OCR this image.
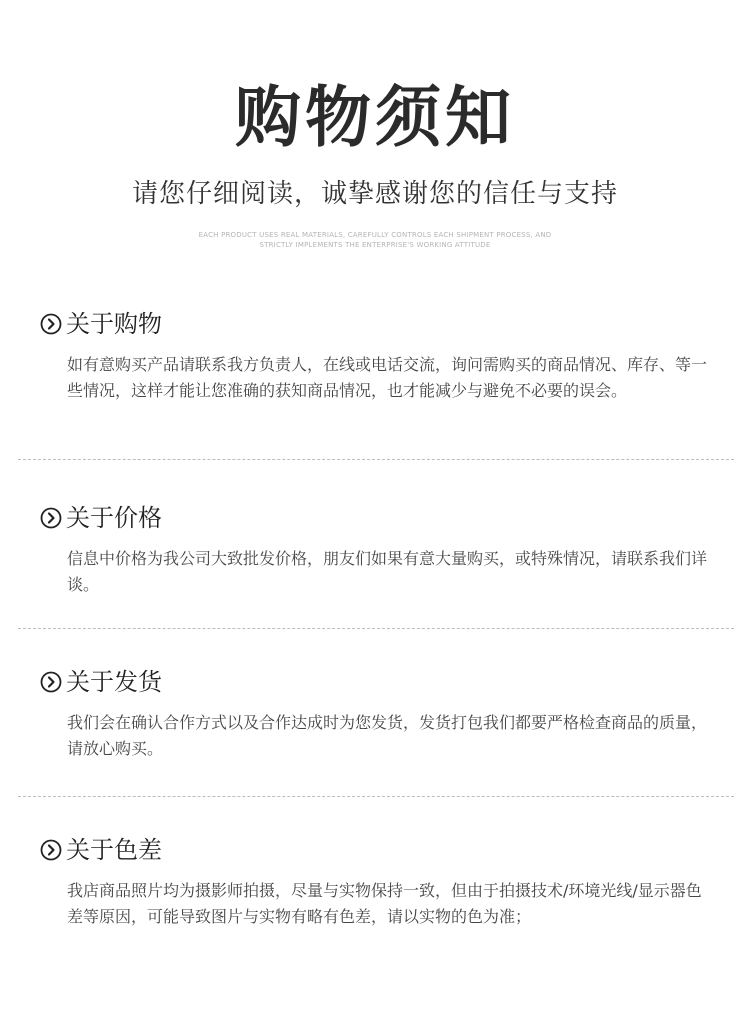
购物须知
请您仔细阅读，诚挚感谢您的信任与支持
EACH PRODUCT USES REAL MATERIALS, CAREFULLY CONTROLS EACH SHIPMENT PROCESS, AND
STRICTLY IMPLEMENTS THE ENTERPRISE'S WORKING ATTITUDE
关于购物
如有意购买产品请联系我方负责人，在线或电话交流，询问需购买的商品情况、库存、等一些情况，这样才能让您准确的获知商品情况，也才能减少与避免不必要的误会。
关于价格
信息中价格为我公司大致批发价格，朋友们如果有意大量购买，或特殊情况，请联系我们详谈。
关于发货
我们会在确认合作方式以及合作达成时为您发货，发货打包我们都要严格检查商品的质量，请放心购买。
关于色差
我店商品照片均为摄影师拍摄，尽量与实物保持一致，但由于拍摄技术/环境光线/显示器色差等原因，可能导致图片与实物有略有色差，请以实物的色为准；
